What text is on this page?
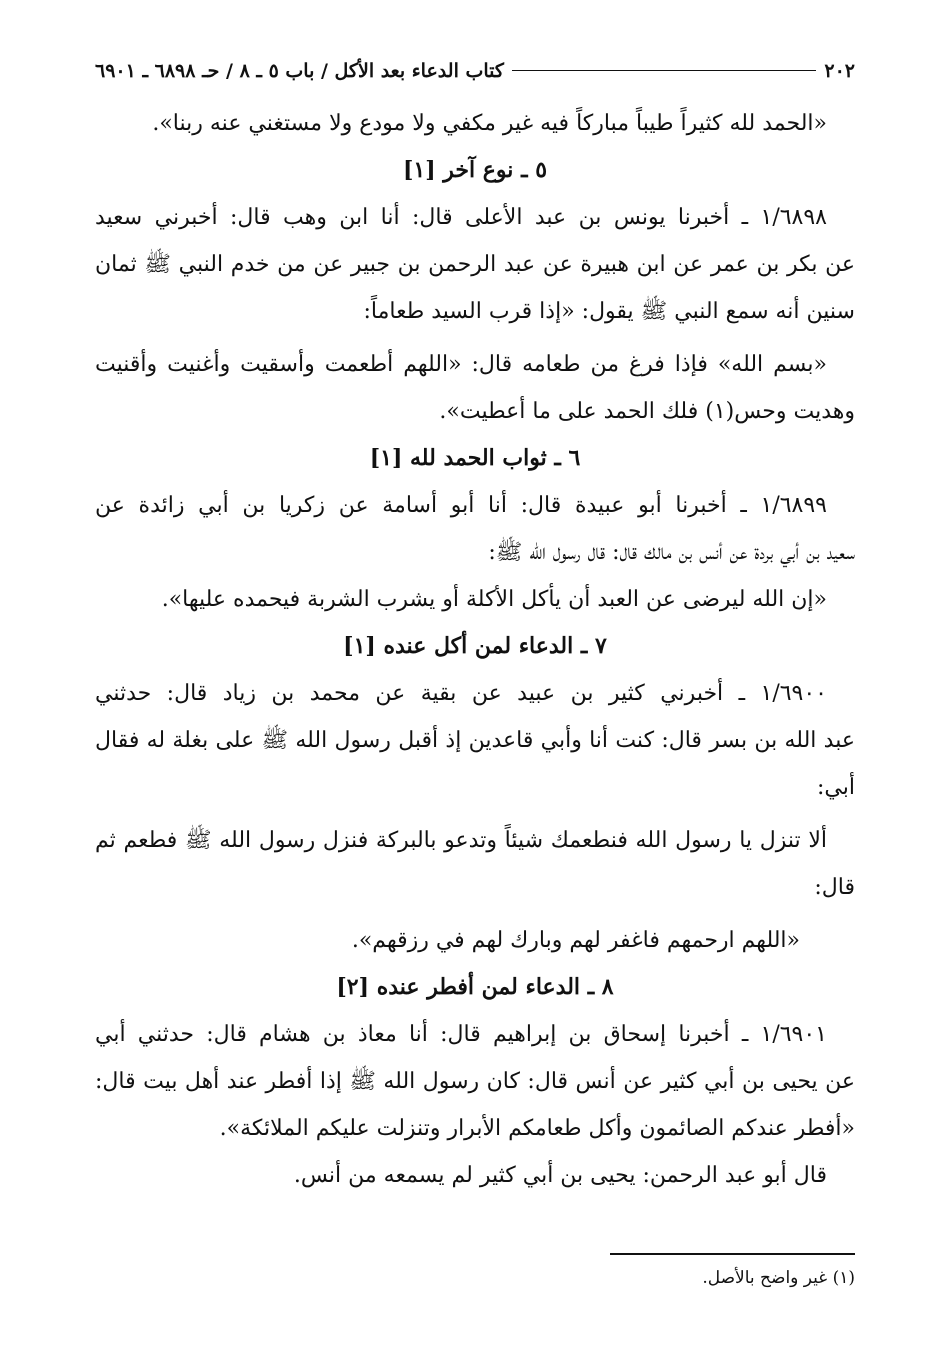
٢٠٢
كتاب الدعاء بعد الأكل / باب ٥ ـ ٨ / حـ ٦٨٩٨ ـ ٦٩٠١
«الحمد لله كثيراً طيباً مباركاً فيه غير مكفي ولا مودع ولا مستغني عنه ربنا».
٥ ـ نوع آخر [١]
١/٦٨٩٨ ـ أخبرنا يونس بن عبد الأعلى قال: أنا ابن وهب قال: أخبرني سعيد
عن بكر بن عمر عن ابن هبيرة عن عبد الرحمن بن جبير عن من خدم النبي ﷺ ثمان
سنين أنه سمع النبي ﷺ يقول: «إذا قرب السيد طعاماً:
«بسم الله» فإذا فرغ من طعامه قال: «اللهم أطعمت وأسقيت وأغنيت وأقنيت
وهديت وحس(١) فلك الحمد على ما أعطيت».
٦ ـ ثواب الحمد لله [١]
١/٦٨٩٩ ـ أخبرنا أبو عبيدة قال: أنا أبو أسامة عن زكريا بن أبي زائدة عن
سعيد بن أبي بردة عن أنس بن مالك قال: قال رسول الله ﷺ:
«إن الله ليرضى عن العبد أن يأكل الأكلة أو يشرب الشربة فيحمده عليها».
٧ ـ الدعاء لمن أكل عنده [١]
١/٦٩٠٠ ـ أخبرني كثير بن عبيد عن بقية عن محمد بن زياد قال: حدثني
عبد الله بن بسر قال: كنت أنا وأبي قاعدين إذ أقبل رسول الله ﷺ على بغلة له فقال
أبي:
ألا تنزل يا رسول الله فنطعمك شيئاً وتدعو بالبركة فنزل رسول الله ﷺ فطعم ثم
قال:
«اللهم ارحمهم فاغفر لهم وبارك لهم في رزقهم».
٨ ـ الدعاء لمن أفطر عنده [٢]
١/٦٩٠١ ـ أخبرنا إسحاق بن إبراهيم قال: أنا معاذ بن هشام قال: حدثني أبي
عن يحيى بن أبي كثير عن أنس قال: كان رسول الله ﷺ إذا أفطر عند أهل بيت قال:
«أفطر عندكم الصائمون وأكل طعامكم الأبرار وتنزلت عليكم الملائكة».
قال أبو عبد الرحمن: يحيى بن أبي كثير لم يسمعه من أنس.
(١) غير واضح بالأصل.
